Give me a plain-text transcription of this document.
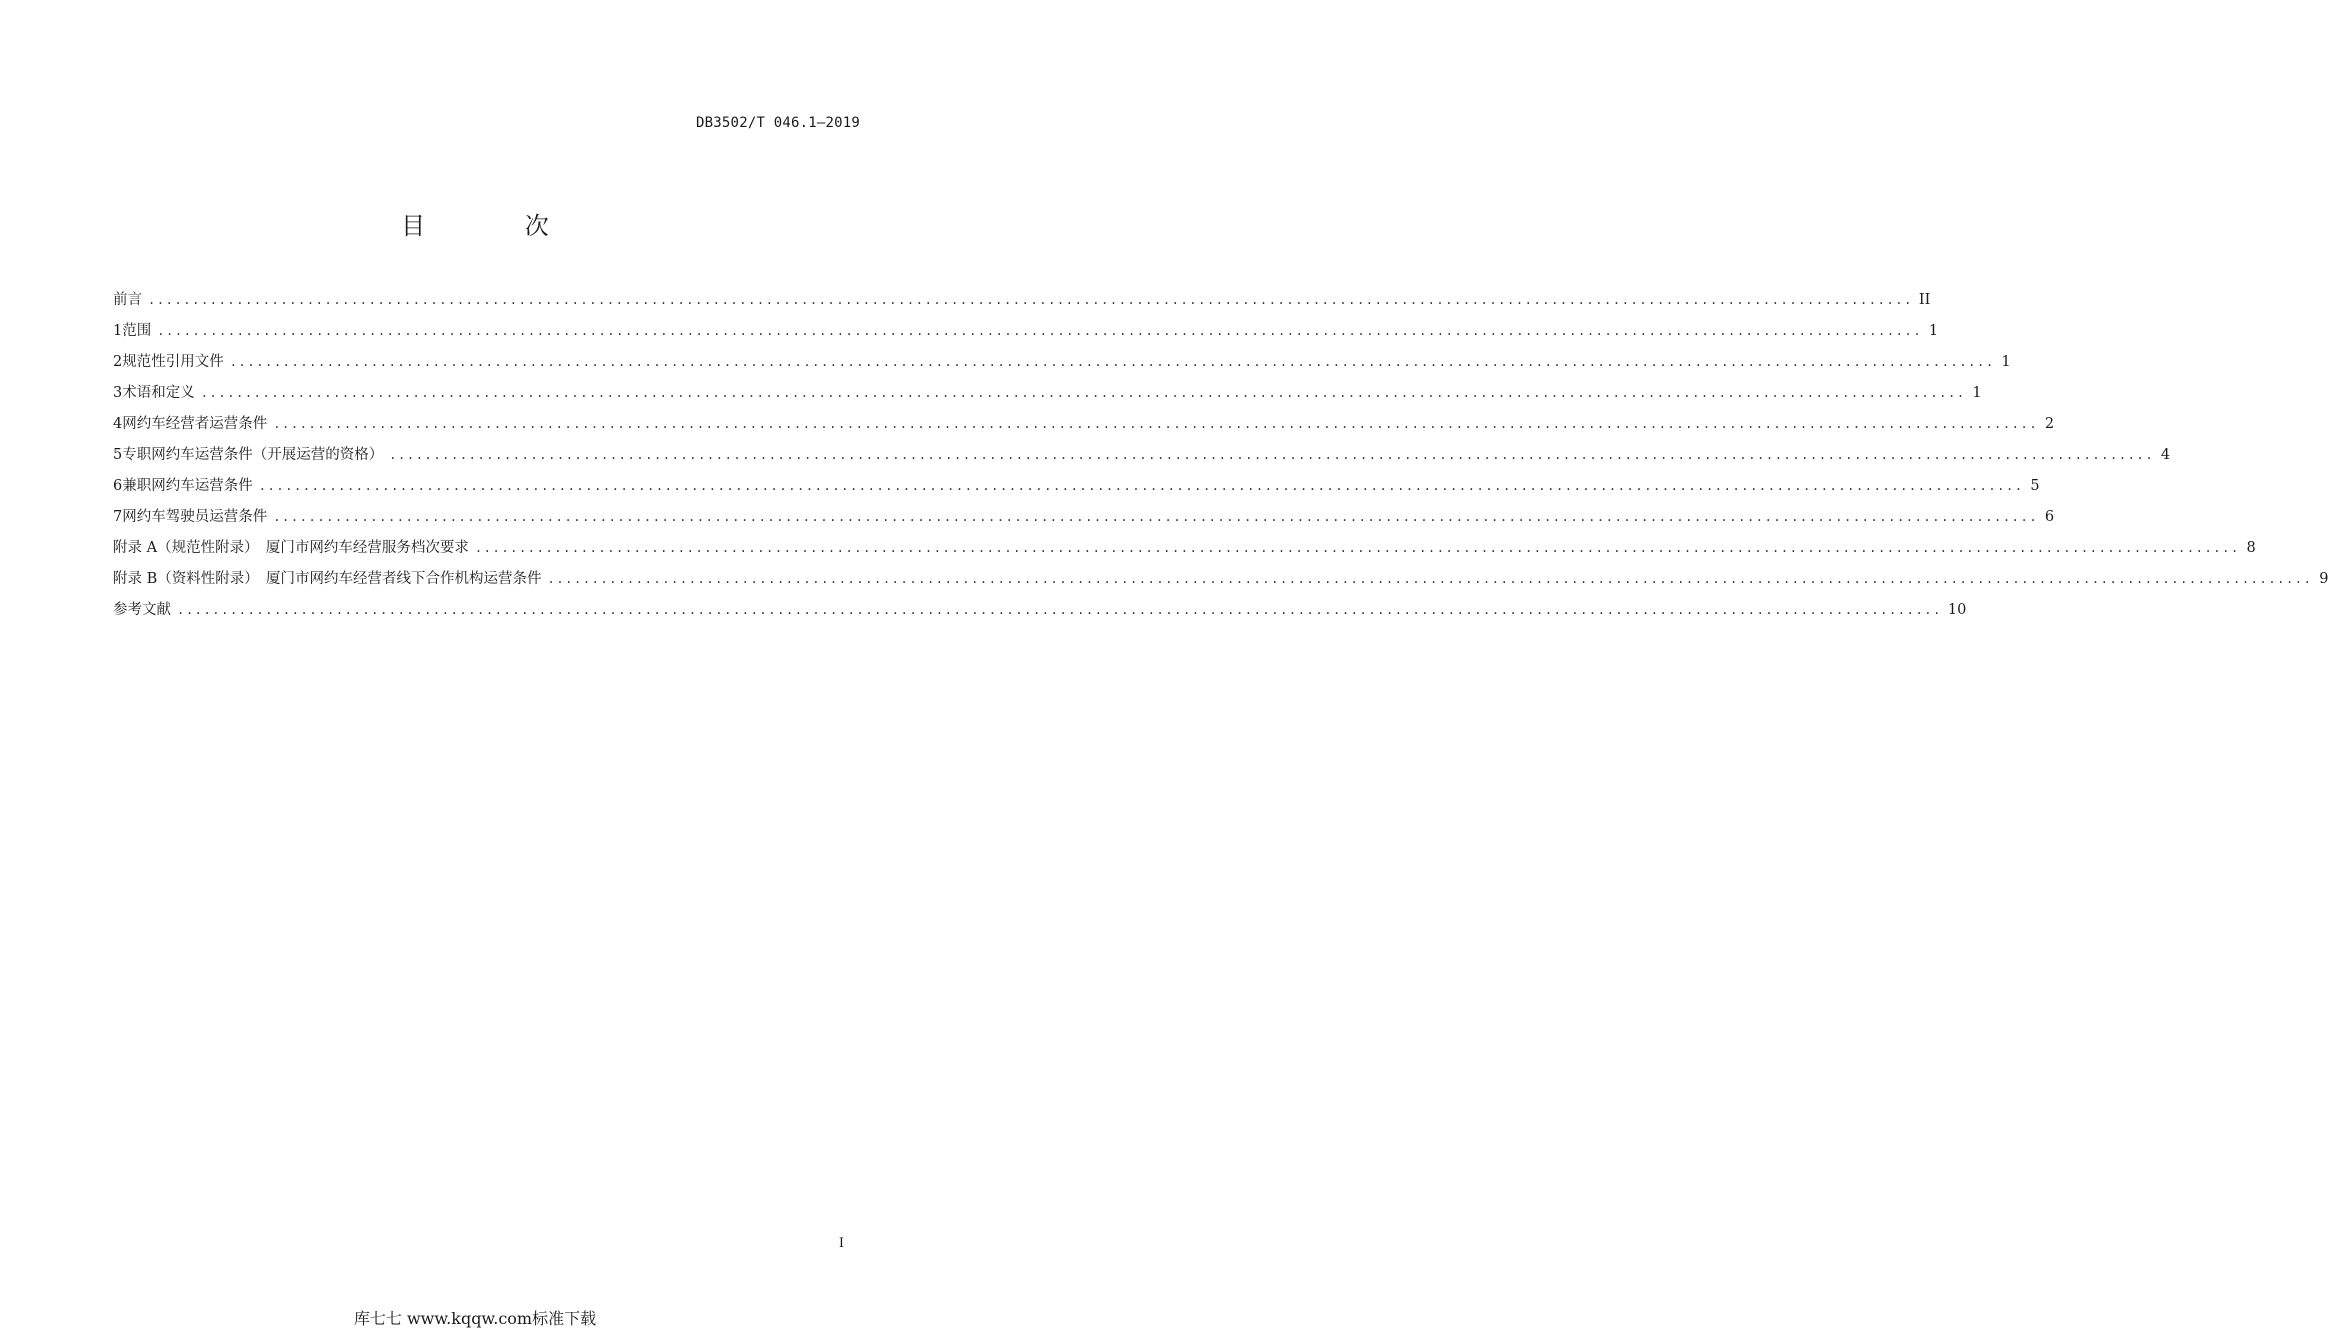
DB3502/T 046.1—2019
目 次
前言 ........................................................................................................................................................................................................ II
1 范围 ........................................................................................................................................................................................................ 1
2 规范性引用文件 ........................................................................................................................................................................................................ 1
3 术语和定义 ........................................................................................................................................................................................................ 1
4 网约车经营者运营条件 ........................................................................................................................................................................................................ 2
5 专职网约车运营条件（开展运营的资格） ........................................................................................................................................................................................................ 4
6 兼职网约车运营条件 ........................................................................................................................................................................................................ 5
7 网约车驾驶员运营条件 ........................................................................................................................................................................................................ 6
附录 A（规范性附录）　厦门市网约车经营服务档次要求 ........................................................................................................................................................................................................ 8
附录 B（资料性附录）　厦门市网约车经营者线下合作机构运营条件 ........................................................................................................................................................................................................ 9
参考文献 ........................................................................................................................................................................................................ 10
I
库七七 www.kqqw.com标准下载
